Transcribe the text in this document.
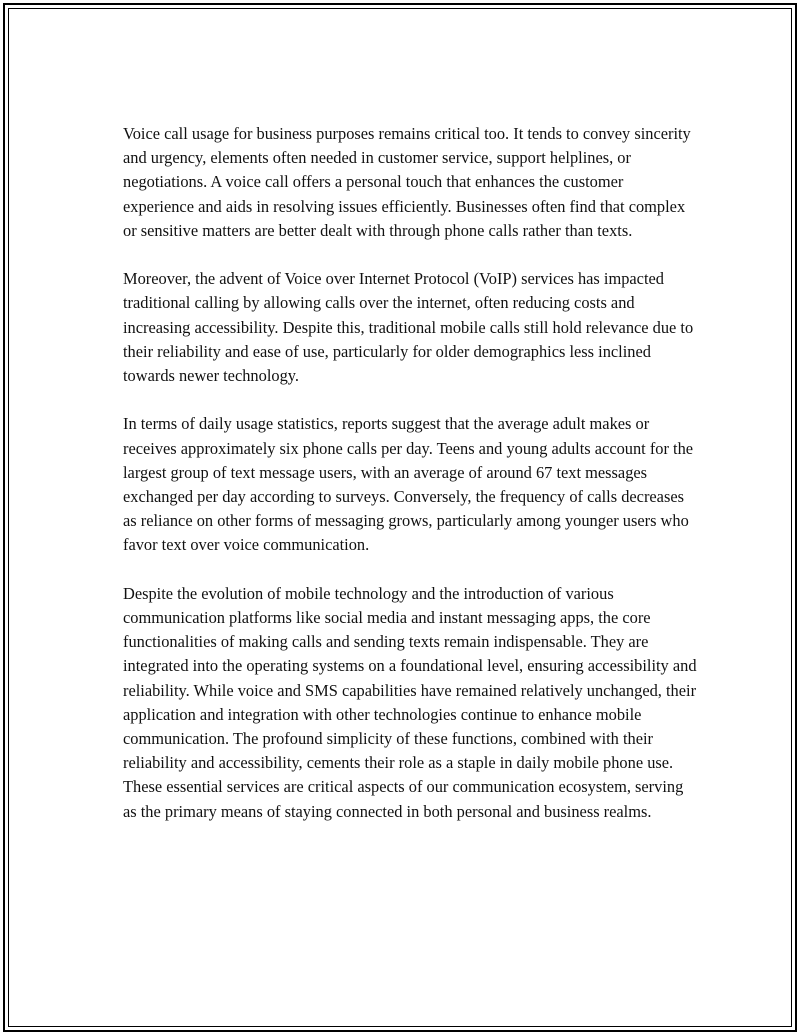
Voice call usage for business purposes remains critical too. It tends to convey sincerity and urgency, elements often needed in customer service, support helplines, or negotiations. A voice call offers a personal touch that enhances the customer experience and aids in resolving issues efficiently. Businesses often find that complex or sensitive matters are better dealt with through phone calls rather than texts.

Moreover, the advent of Voice over Internet Protocol (VoIP) services has impacted traditional calling by allowing calls over the internet, often reducing costs and increasing accessibility. Despite this, traditional mobile calls still hold relevance due to their reliability and ease of use, particularly for older demographics less inclined towards newer technology.

In terms of daily usage statistics, reports suggest that the average adult makes or receives approximately six phone calls per day. Teens and young adults account for the largest group of text message users, with an average of around 67 text messages exchanged per day according to surveys. Conversely, the frequency of calls decreases as reliance on other forms of messaging grows, particularly among younger users who favor text over voice communication.

Despite the evolution of mobile technology and the introduction of various communication platforms like social media and instant messaging apps, the core functionalities of making calls and sending texts remain indispensable. They are integrated into the operating systems on a foundational level, ensuring accessibility and reliability. While voice and SMS capabilities have remained relatively unchanged, their application and integration with other technologies continue to enhance mobile communication. The profound simplicity of these functions, combined with their reliability and accessibility, cements their role as a staple in daily mobile phone use. These essential services are critical aspects of our communication ecosystem, serving as the primary means of staying connected in both personal and business realms.
